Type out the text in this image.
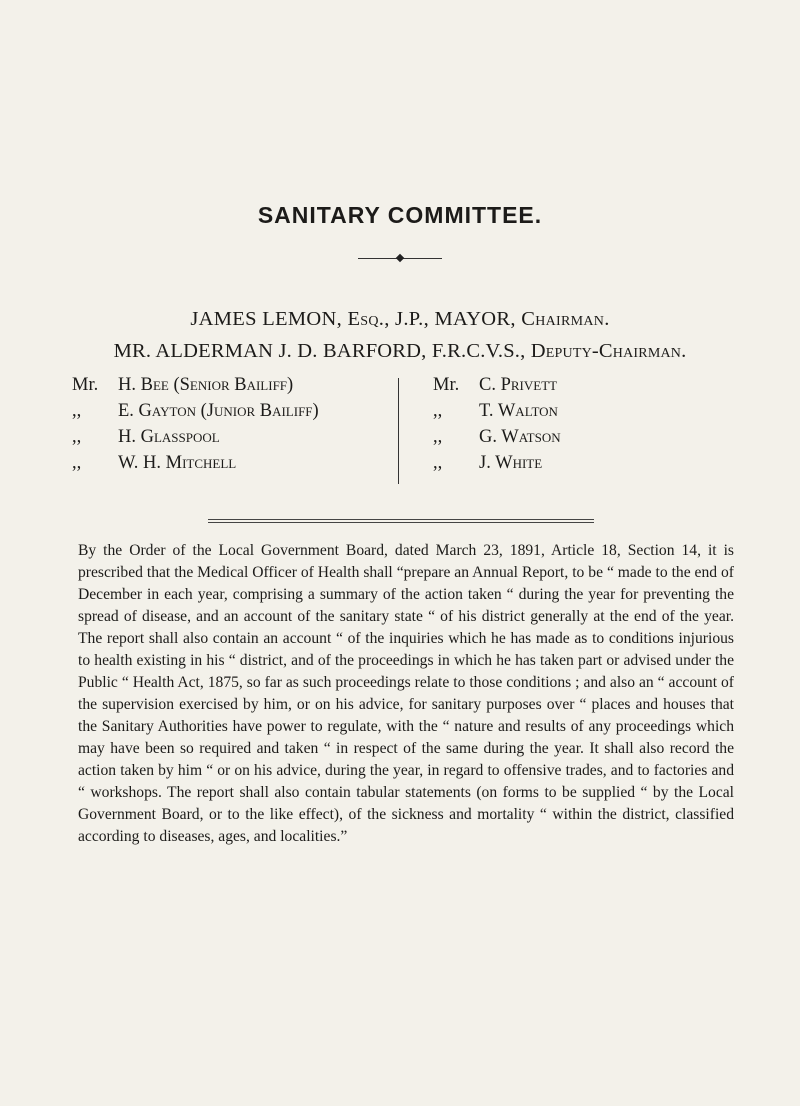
SANITARY COMMITTEE.
JAMES LEMON, Esq., J.P., MAYOR, Chairman.
MR. ALDERMAN J. D. BARFORD, F.R.C.V.S., Deputy-Chairman.
Mr. H. Bee (Senior Bailiff)
,, E. Gayton (Junior Bailiff)
,, H. Glasspool
,, W. H. Mitchell
Mr. C. Privett
,, T. Walton
,, G. Watson
,, J. White

By the Order of the Local Government Board, dated March 23, 1891, Article 18, Section 14, it is prescribed that the Medical Officer of Health shall “prepare an Annual Report, to be “ made to the end of December in each year, comprising a summary of the action taken “ during the year for preventing the spread of disease, and an account of the sanitary state “ of his district generally at the end of the year. The report shall also contain an account “ of the inquiries which he has made as to conditions injurious to health existing in his “ district, and of the proceedings in which he has taken part or advised under the Public “ Health Act, 1875, so far as such proceedings relate to those conditions ; and also an “ account of the supervision exercised by him, or on his advice, for sanitary purposes over “ places and houses that the Sanitary Authorities have power to regulate, with the “ nature and results of any proceedings which may have been so required and taken “ in respect of the same during the year. It shall also record the action taken by him “ or on his advice, during the year, in regard to offensive trades, and to factories and “ workshops. The report shall also contain tabular statements (on forms to be supplied “ by the Local Government Board, or to the like effect), of the sickness and mortality “ within the district, classified according to diseases, ages, and localities.”
